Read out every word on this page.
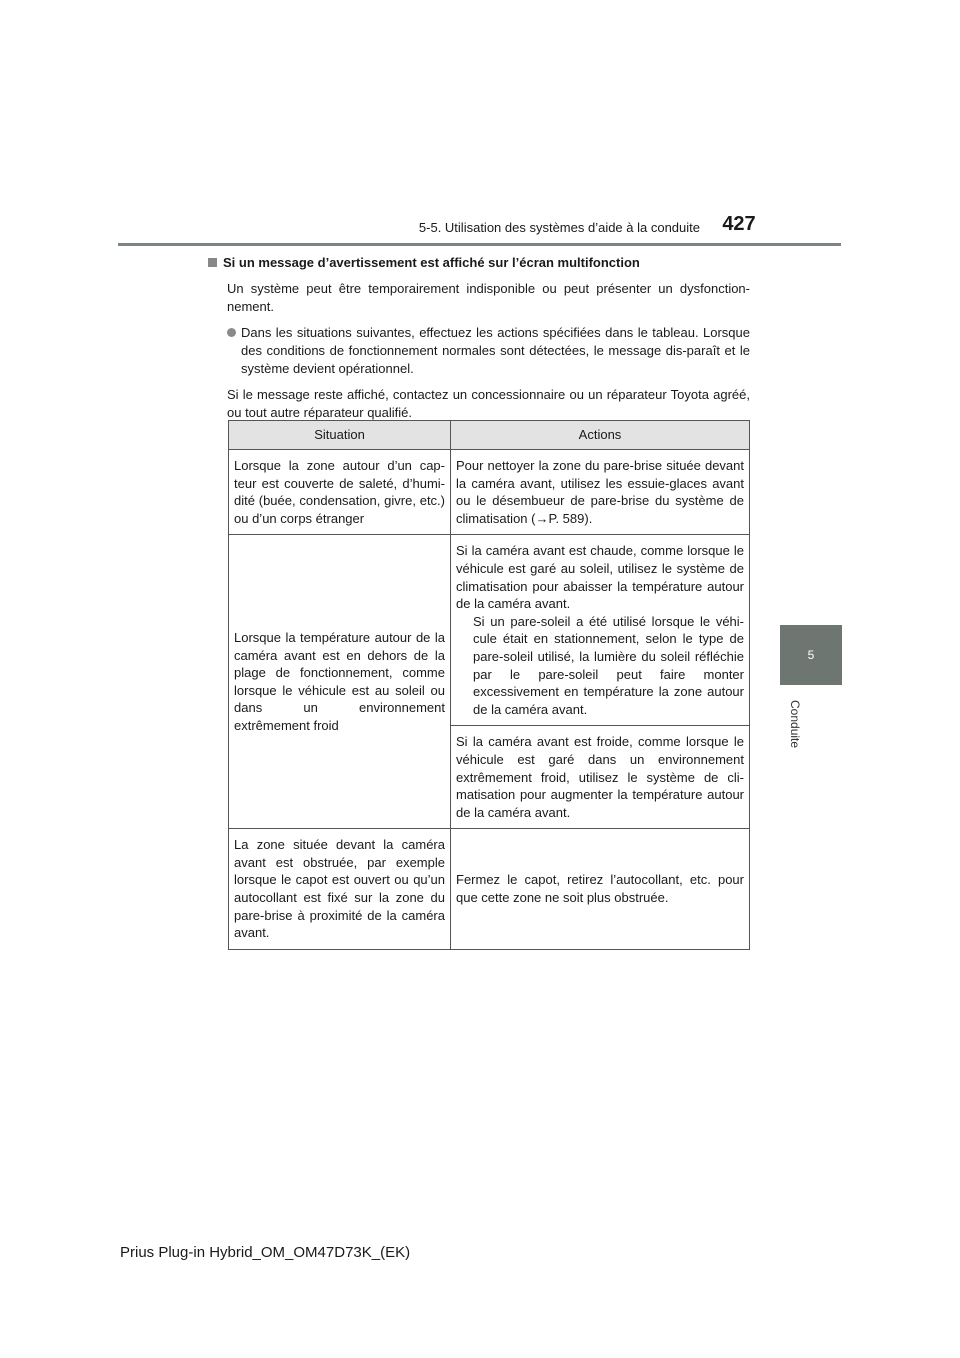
5-5. Utilisation des systèmes d’aide à la conduite	427
5
Conduite
Si un message d’avertissement est affiché sur l’écran multifonction
Un système peut être temporairement indisponible ou peut présenter un dysfonction-nement.
Dans les situations suivantes, effectuez les actions spécifiées dans le tableau. Lorsque des conditions de fonctionnement normales sont détectées, le message dis-paraît et le système devient opérationnel.
Si le message reste affiché, contactez un concessionnaire ou un réparateur Toyota agréé, ou tout autre réparateur qualifié.
Situation	Actions
Lorsque la zone autour d’un cap-teur est couverte de saleté, d’humi-dité (buée, condensation, givre, etc.) ou d’un corps étranger	Pour nettoyer la zone du pare-brise située devant la caméra avant, utilisez les essuie-glaces avant ou le désembueur de pare-brise du système de climatisation (→P. 589).
Lorsque la température autour de la caméra avant est en dehors de la plage de fonctionnement, comme lorsque le véhicule est au soleil ou dans un environnement extrêmement froid	Si la caméra avant est chaude, comme lorsque le véhicule est garé au soleil, utilisez le système de climatisation pour abaisser la température autour de la caméra avant.
Si un pare-soleil a été utilisé lorsque le véhi-cule était en stationnement, selon le type de pare-soleil utilisé, la lumière du soleil réfléchie par le pare-soleil peut faire monter excessivement en température la zone autour de la caméra avant.

	Si la caméra avant est froide, comme lorsque le véhicule est garé dans un environnement extrêmement froid, utilisez le système de cli-matisation pour augmenter la température autour de la caméra avant.
La zone située devant la caméra avant est obstruée, par exemple lorsque le capot est ouvert ou qu’un autocollant est fixé sur la zone du pare-brise à proximité de la caméra avant.	Fermez le capot, retirez l’autocollant, etc. pour que cette zone ne soit plus obstruée.
Prius Plug-in Hybrid_OM_OM47D73K_(EK)
